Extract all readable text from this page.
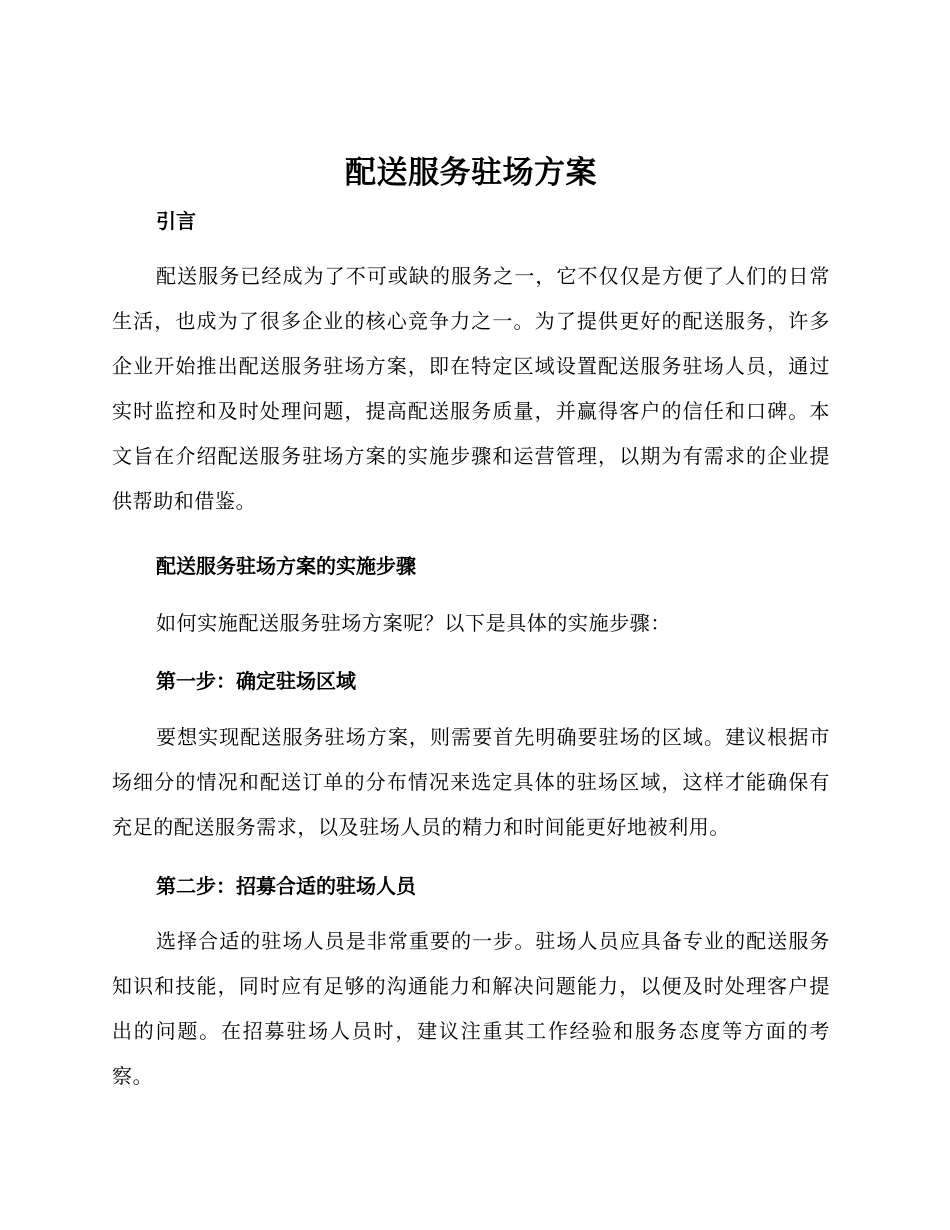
配送服务驻场方案
引言

配送服务已经成为了不可或缺的服务之一，它不仅仅是方便了人们的日常生活，也成为了很多企业的核心竞争力之一。为了提供更好的配送服务，许多企业开始推出配送服务驻场方案，即在特定区域设置配送服务驻场人员，通过实时监控和及时处理问题，提高配送服务质量，并赢得客户的信任和口碑。本文旨在介绍配送服务驻场方案的实施步骤和运营管理，以期为有需求的企业提供帮助和借鉴。

配送服务驻场方案的实施步骤

如何实施配送服务驻场方案呢？以下是具体的实施步骤：

第一步：确定驻场区域

要想实现配送服务驻场方案，则需要首先明确要驻场的区域。建议根据市场细分的情况和配送订单的分布情况来选定具体的驻场区域，这样才能确保有充足的配送服务需求，以及驻场人员的精力和时间能更好地被利用。

第二步：招募合适的驻场人员

选择合适的驻场人员是非常重要的一步。驻场人员应具备专业的配送服务知识和技能，同时应有足够的沟通能力和解决问题能力，以便及时处理客户提出的问题。在招募驻场人员时，建议注重其工作经验和服务态度等方面的考察。
